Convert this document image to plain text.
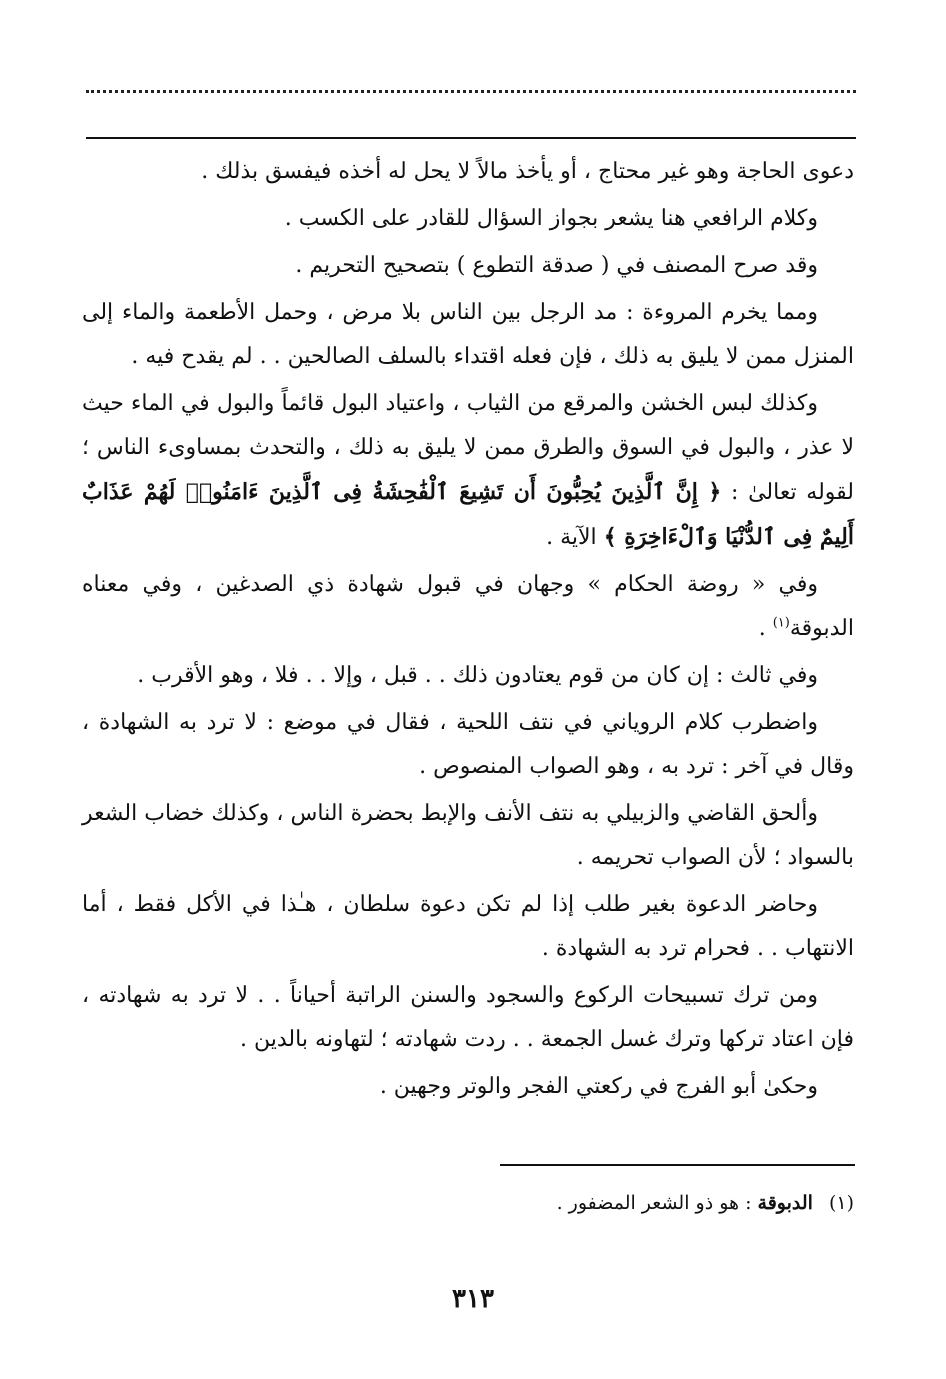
دعوى الحاجة وهو غير محتاج ، أو يأخذ مالاً لا يحل له أخذه فيفسق بذلك .

وكلام الرافعي هنا يشعر بجواز السؤال للقادر على الكسب .

وقد صرح المصنف في ( صدقة التطوع ) بتصحيح التحريم .

ومما يخرم المروءة : مد الرجل بين الناس بلا مرض ، وحمل الأطعمة والماء إلى المنزل ممن لا يليق به ذلك ، فإن فعله اقتداء بالسلف الصالحين . . لم يقدح فيه .

وكذلك لبس الخشن والمرقع من الثياب ، واعتياد البول قائماً والبول في الماء حيث لا عذر ، والبول في السوق والطرق ممن لا يليق به ذلك ، والتحدث بمساوىء الناس ؛ لقوله تعالىٰ : ﴿ إِنَّ ٱلَّذِينَ يُحِبُّونَ أَن تَشِيعَ ٱلْفَٰحِشَةُ فِى ٱلَّذِينَ ءَامَنُوا۟ لَهُمْ عَذَابٌ أَلِيمٌ فِى ٱلدُّنْيَا وَٱلْءَاخِرَةِ ﴾ الآية .

وفي « روضة الحكام » وجهان في قبول شهادة ذي الصدغين ، وفي معناه الدبوقة$^{(١)}$ .

وفي ثالث : إن كان من قوم يعتادون ذلك . . قبل ، وإلا . . فلا ، وهو الأقرب .

واضطرب كلام الروياني في نتف اللحية ، فقال في موضع : لا ترد به الشهادة ، وقال في آخر : ترد به ، وهو الصواب المنصوص .

وألحق القاضي والزبيلي به نتف الأنف والإبط بحضرة الناس ، وكذلك خضاب الشعر بالسواد ؛ لأن الصواب تحريمه .

وحاضر الدعوة بغير طلب إذا لم تكن دعوة سلطان ، هـٰذا في الأكل فقط ، أما الانتهاب . . فحرام ترد به الشهادة .

ومن ترك تسبيحات الركوع والسجود والسنن الراتبة أحياناً . . لا ترد به شهادته ، فإن اعتاد تركها وترك غسل الجمعة . . ردت شهادته ؛ لتهاونه بالدين .

وحكىٰ أبو الفرج في ركعتي الفجر والوتر وجهين .

(١)الدبوقة : هو ذو الشعر المضفور .
٣١٣
